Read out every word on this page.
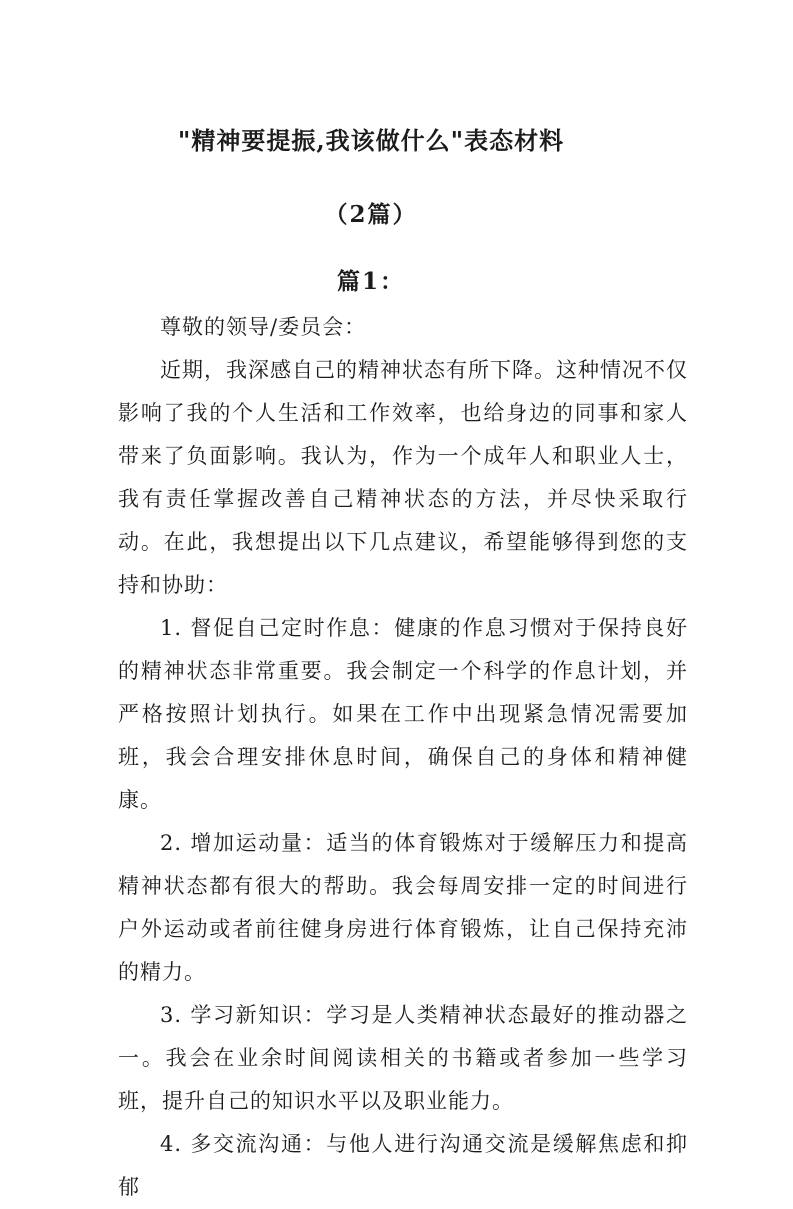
"精神要提振,我该做什么"表态材料
（2篇）
篇1：

尊敬的领导/委员会：

近期，我深感自己的精神状态有所下降。这种情况不仅影响了我的个人生活和工作效率，也给身边的同事和家人带来了负面影响。我认为，作为一个成年人和职业人士，我有责任掌握改善自己精神状态的方法，并尽快采取行动。在此，我想提出以下几点建议，希望能够得到您的支持和协助：

1. 督促自己定时作息：健康的作息习惯对于保持良好的精神状态非常重要。我会制定一个科学的作息计划，并严格按照计划执行。如果在工作中出现紧急情况需要加班，我会合理安排休息时间，确保自己的身体和精神健康。

2. 增加运动量：适当的体育锻炼对于缓解压力和提高精神状态都有很大的帮助。我会每周安排一定的时间进行户外运动或者前往健身房进行体育锻炼，让自己保持充沛的精力。

3. 学习新知识：学习是人类精神状态最好的推动器之一。我会在业余时间阅读相关的书籍或者参加一些学习班，提升自己的知识水平以及职业能力。

4. 多交流沟通：与他人进行沟通交流是缓解焦虑和抑郁
